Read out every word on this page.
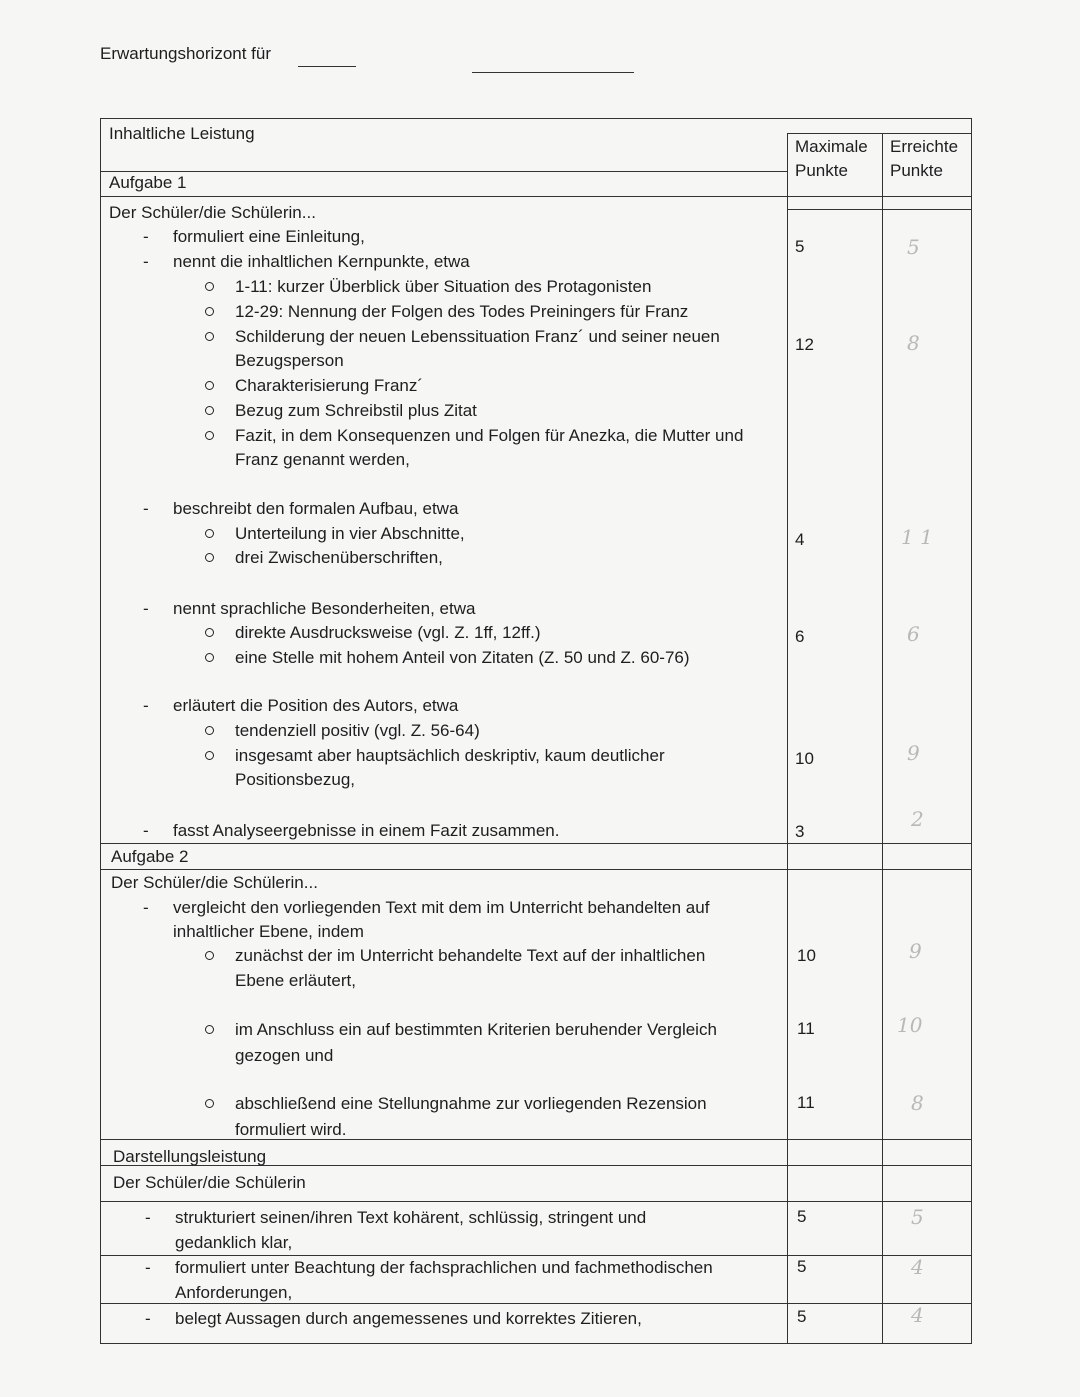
Erwartungshorizont für
Inhaltliche Leistung
Maximale
Punkte
Erreichte
Punkte
Aufgabe 1
Der Schüler/die Schülerin...
- formuliert eine Einleitung,
- nennt die inhaltlichen Kernpunkte, etwa
1-11: kurzer Überblick über Situation des Protagonisten
12-29: Nennung der Folgen des Todes Preiningers für Franz
Schilderung der neuen Lebenssituation Franz´ und seiner neuen
Bezugsperson
Charakterisierung Franz´
Bezug zum Schreibstil plus Zitat
Fazit, in dem Konsequenzen und Folgen für Anezka, die Mutter und
Franz genannt werden,
- beschreibt den formalen Aufbau, etwa
Unterteilung in vier Abschnitte,
drei Zwischenüberschriften,
- nennt sprachliche Besonderheiten, etwa
direkte Ausdrucksweise (vgl. Z. 1ff, 12ff.)
eine Stelle mit hohem Anteil von Zitaten (Z. 50 und Z. 60-76)
- erläutert die Position des Autors, etwa
tendenziell positiv (vgl. Z. 56-64)
insgesamt aber hauptsächlich deskriptiv, kaum deutlicher
Positionsbezug,
- fasst Analyseergebnisse in einem Fazit zusammen.
5
12
4
6
10
3
5
8
1 1
6
9
2
Aufgabe 2
Der Schüler/die Schülerin...
- vergleicht den vorliegenden Text mit dem im Unterricht behandelten auf
inhaltlicher Ebene, indem
zunächst der im Unterricht behandelte Text auf der inhaltlichen
Ebene erläutert,
im Anschluss ein auf bestimmten Kriterien beruhender Vergleich
gezogen und
abschließend eine Stellungnahme zur vorliegenden Rezension
formuliert wird.
10
11
11
9
10
8
Darstellungsleistung
Der Schüler/die Schülerin
- strukturiert seinen/ihren Text kohärent, schlüssig, stringent und
gedanklich klar,
- formuliert unter Beachtung der fachsprachlichen und fachmethodischen
Anforderungen,
- belegt Aussagen durch angemessenes und korrektes Zitieren,
5
5
5
5
4
4
